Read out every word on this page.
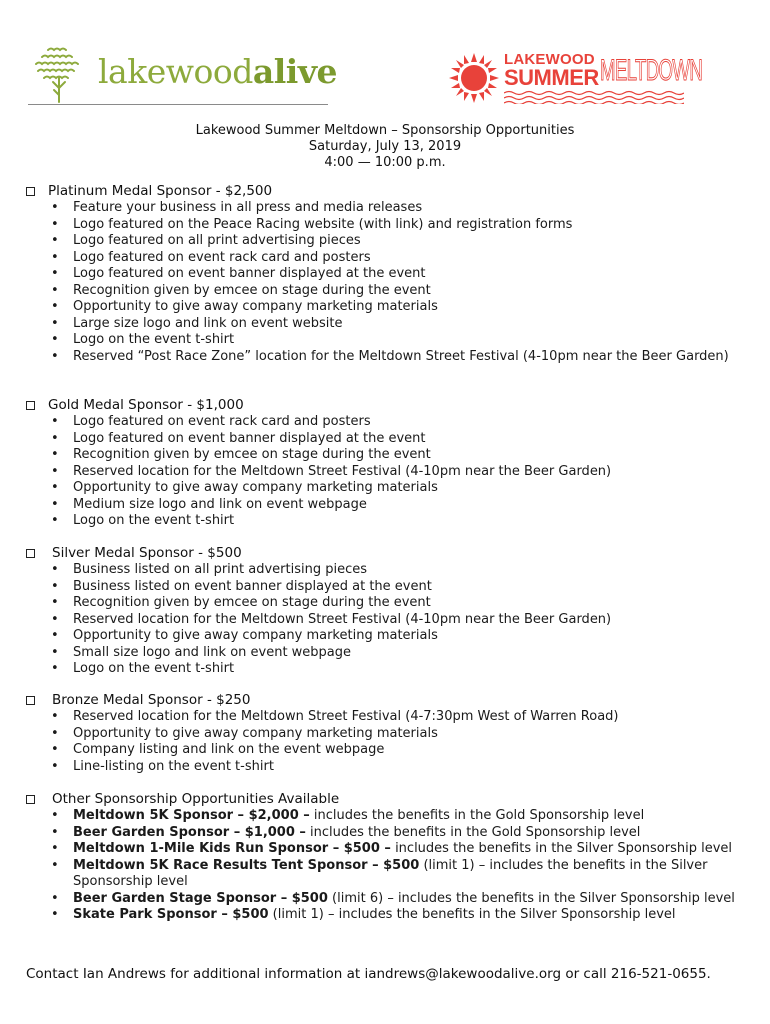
lakewoodalive	LAKEWOOD
SUMMER MELTDOWN
Lakewood Summer Meltdown – Sponsorship Opportunities
Saturday, July 13, 2019
4:00 — 10:00 p.m.
Platinum Medal Sponsor - $2,500
• Feature your business in all press and media releases
• Logo featured on the Peace Racing website (with link) and registration forms
• Logo featured on all print advertising pieces
• Logo featured on event rack card and posters
• Logo featured on event banner displayed at the event
• Recognition given by emcee on stage during the event
• Opportunity to give away company marketing materials
• Large size logo and link on event website
• Logo on the event t-shirt
• Reserved “Post Race Zone” location for the Meltdown Street Festival (4-10pm near the Beer Garden)
Gold Medal Sponsor - $1,000
• Logo featured on event rack card and posters
• Logo featured on event banner displayed at the event
• Recognition given by emcee on stage during the event
• Reserved location for the Meltdown Street Festival (4-10pm near the Beer Garden)
• Opportunity to give away company marketing materials
• Medium size logo and link on event webpage
• Logo on the event t-shirt
Silver Medal Sponsor - $500
• Business listed on all print advertising pieces
• Business listed on event banner displayed at the event
• Recognition given by emcee on stage during the event
• Reserved location for the Meltdown Street Festival (4-10pm near the Beer Garden)
• Opportunity to give away company marketing materials
• Small size logo and link on event webpage
• Logo on the event t-shirt
Bronze Medal Sponsor - $250
• Reserved location for the Meltdown Street Festival (4-7:30pm West of Warren Road)
• Opportunity to give away company marketing materials
• Company listing and link on the event webpage
• Line-listing on the event t-shirt
Other Sponsorship Opportunities Available
• Meltdown 5K Sponsor – $2,000 – includes the benefits in the Gold Sponsorship level
• Beer Garden Sponsor – $1,000 – includes the benefits in the Gold Sponsorship level
• Meltdown 1-Mile Kids Run Sponsor – $500 – includes the benefits in the Silver Sponsorship level
• Meltdown 5K Race Results Tent Sponsor – $500 (limit 1) – includes the benefits in the Silver Sponsorship level
• Beer Garden Stage Sponsor – $500 (limit 6) – includes the benefits in the Silver Sponsorship level
• Skate Park Sponsor – $500 (limit 1) – includes the benefits in the Silver Sponsorship level
Contact Ian Andrews for additional information at iandrews@lakewoodalive.org or call 216-521-0655.
